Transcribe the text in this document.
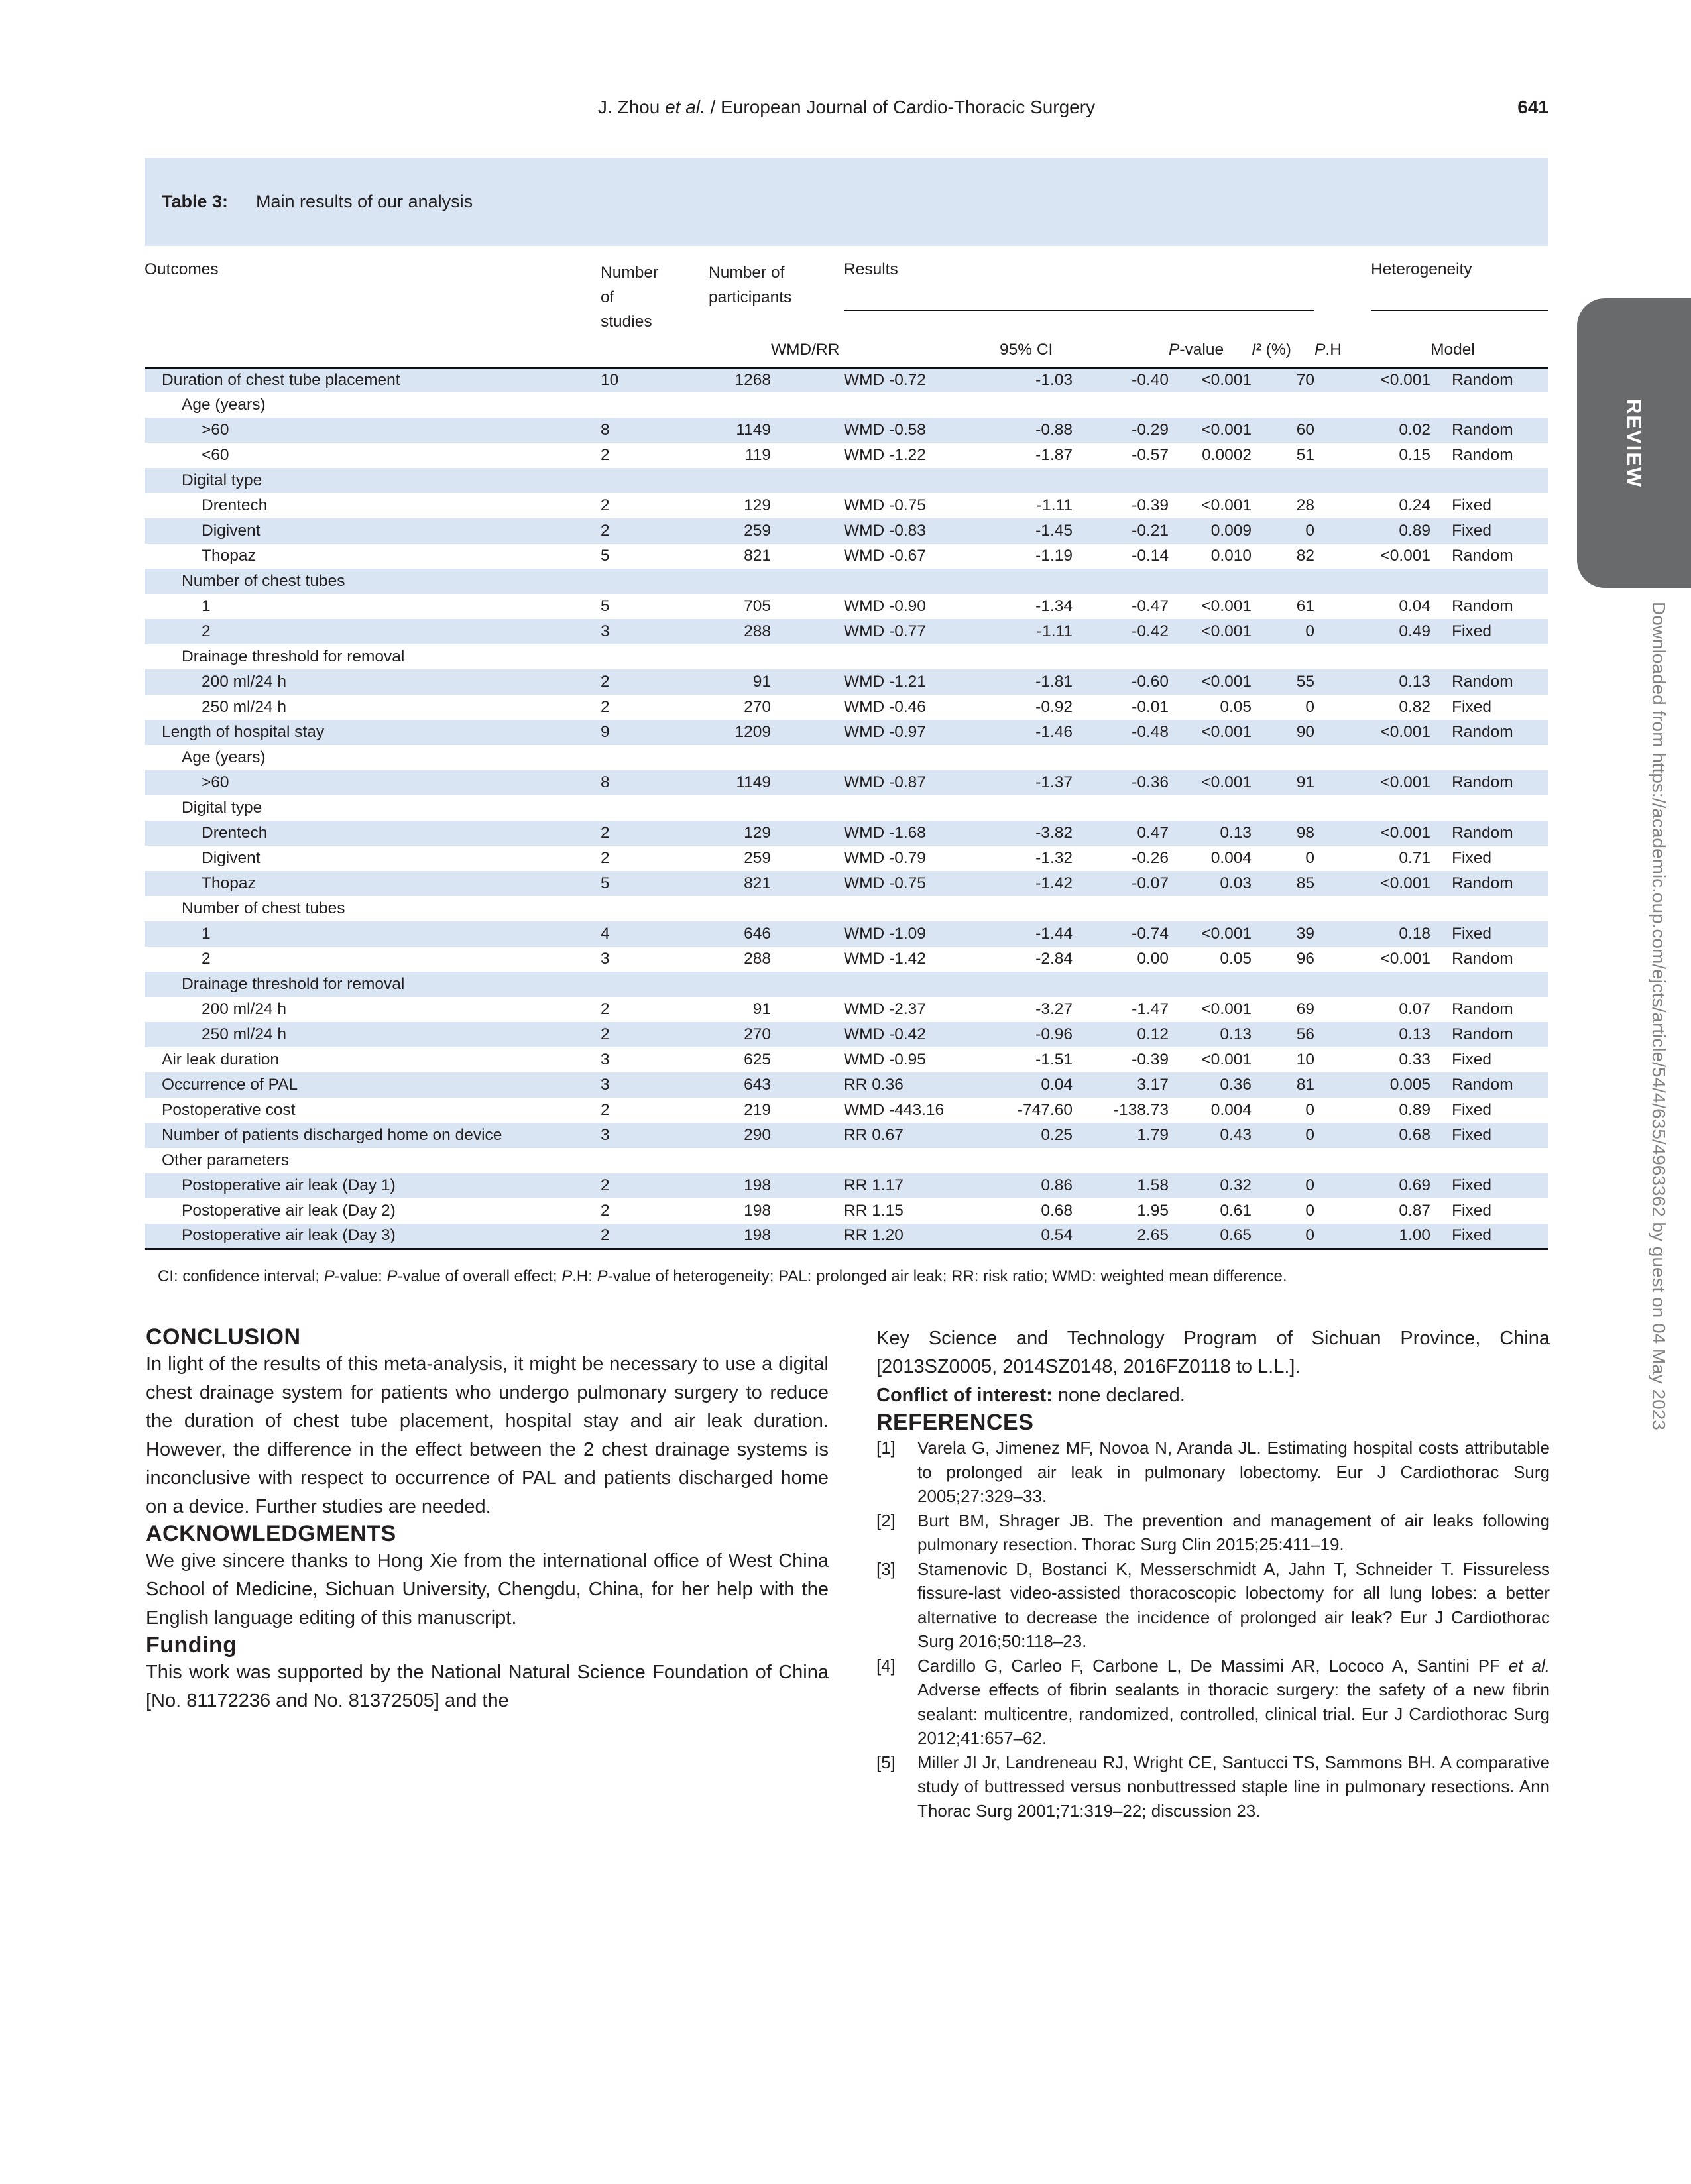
J. Zhou et al. / European Journal of Cardio-Thoracic Surgery	641
Table 3: Main results of our analysis
Outcomes	Number of studies	Number of participants	Results					Heterogeneity	

			WMD/RR	95% CI		P-value	I² (%)	P.H	Model
Duration of chest tube placement	10	1268	WMD -0.72	-1.03	-0.40	<0.001	70	<0.001	Random
Age (years)									
>60	8	1149	WMD -0.58	-0.88	-0.29	<0.001	60	0.02	Random
<60	2	119	WMD -1.22	-1.87	-0.57	0.0002	51	0.15	Random
Digital type									
Drentech	2	129	WMD -0.75	-1.11	-0.39	<0.001	28	0.24	Fixed
Digivent	2	259	WMD -0.83	-1.45	-0.21	0.009	0	0.89	Fixed
Thopaz	5	821	WMD -0.67	-1.19	-0.14	0.010	82	<0.001	Random
Number of chest tubes									
1	5	705	WMD -0.90	-1.34	-0.47	<0.001	61	0.04	Random
2	3	288	WMD -0.77	-1.11	-0.42	<0.001	0	0.49	Fixed
Drainage threshold for removal									
200 ml/24 h	2	91	WMD -1.21	-1.81	-0.60	<0.001	55	0.13	Random
250 ml/24 h	2	270	WMD -0.46	-0.92	-0.01	0.05	0	0.82	Fixed
Length of hospital stay	9	1209	WMD -0.97	-1.46	-0.48	<0.001	90	<0.001	Random
Age (years)									
>60	8	1149	WMD -0.87	-1.37	-0.36	<0.001	91	<0.001	Random
Digital type									
Drentech	2	129	WMD -1.68	-3.82	0.47	0.13	98	<0.001	Random
Digivent	2	259	WMD -0.79	-1.32	-0.26	0.004	0	0.71	Fixed
Thopaz	5	821	WMD -0.75	-1.42	-0.07	0.03	85	<0.001	Random
Number of chest tubes									
1	4	646	WMD -1.09	-1.44	-0.74	<0.001	39	0.18	Fixed
2	3	288	WMD -1.42	-2.84	0.00	0.05	96	<0.001	Random
Drainage threshold for removal									
200 ml/24 h	2	91	WMD -2.37	-3.27	-1.47	<0.001	69	0.07	Random
250 ml/24 h	2	270	WMD -0.42	-0.96	0.12	0.13	56	0.13	Random
Air leak duration	3	625	WMD -0.95	-1.51	-0.39	<0.001	10	0.33	Fixed
Occurrence of PAL	3	643	RR 0.36	0.04	3.17	0.36	81	0.005	Random
Postoperative cost	2	219	WMD -443.16	-747.60	-138.73	0.004	0	0.89	Fixed
Number of patients discharged home on device	3	290	RR 0.67	0.25	1.79	0.43	0	0.68	Fixed
Other parameters									
Postoperative air leak (Day 1)	2	198	RR 1.17	0.86	1.58	0.32	0	0.69	Fixed
Postoperative air leak (Day 2)	2	198	RR 1.15	0.68	1.95	0.61	0	0.87	Fixed
Postoperative air leak (Day 3)	2	198	RR 1.20	0.54	2.65	0.65	0	1.00	Fixed
CI: confidence interval; P-value: P-value of overall effect; P.H: P-value of heterogeneity; PAL: prolonged air leak; RR: risk ratio; WMD: weighted mean difference.
CONCLUSION

In light of the results of this meta-analysis, it might be necessary to use a digital chest drainage system for patients who undergo pulmonary surgery to reduce the duration of chest tube placement, hospital stay and air leak duration. However, the difference in the effect between the 2 chest drainage systems is inconclusive with respect to occurrence of PAL and patients discharged home on a device. Further studies are needed.

ACKNOWLEDGMENTS

We give sincere thanks to Hong Xie from the international office of West China School of Medicine, Sichuan University, Chengdu, China, for her help with the English language editing of this manuscript.

Funding

This work was supported by the National Natural Science Foundation of China [No. 81172236 and No. 81372505] and the

Key Science and Technology Program of Sichuan Province, China [2013SZ0005, 2014SZ0148, 2016FZ0118 to L.L.].

Conflict of interest: none declared.

REFERENCES
[1] Varela G, Jimenez MF, Novoa N, Aranda JL. Estimating hospital costs attributable to prolonged air leak in pulmonary lobectomy. Eur J Cardiothorac Surg 2005;27:329–33.
[2] Burt BM, Shrager JB. The prevention and management of air leaks following pulmonary resection. Thorac Surg Clin 2015;25:411–19.
[3] Stamenovic D, Bostanci K, Messerschmidt A, Jahn T, Schneider T. Fissureless fissure-last video-assisted thoracoscopic lobectomy for all lung lobes: a better alternative to decrease the incidence of prolonged air leak? Eur J Cardiothorac Surg 2016;50:118–23.
[4] Cardillo G, Carleo F, Carbone L, De Massimi AR, Lococo A, Santini PF et al. Adverse effects of fibrin sealants in thoracic surgery: the safety of a new fibrin sealant: multicentre, randomized, controlled, clinical trial. Eur J Cardiothorac Surg 2012;41:657–62.
[5] Miller JI Jr, Landreneau RJ, Wright CE, Santucci TS, Sammons BH. A comparative study of buttressed versus nonbuttressed staple line in pulmonary resections. Ann Thorac Surg 2001;71:319–22; discussion 23.
REVIEW
Downloaded from https://academic.oup.com/ejcts/article/54/4/635/4963362 by guest on 04 May 2023
